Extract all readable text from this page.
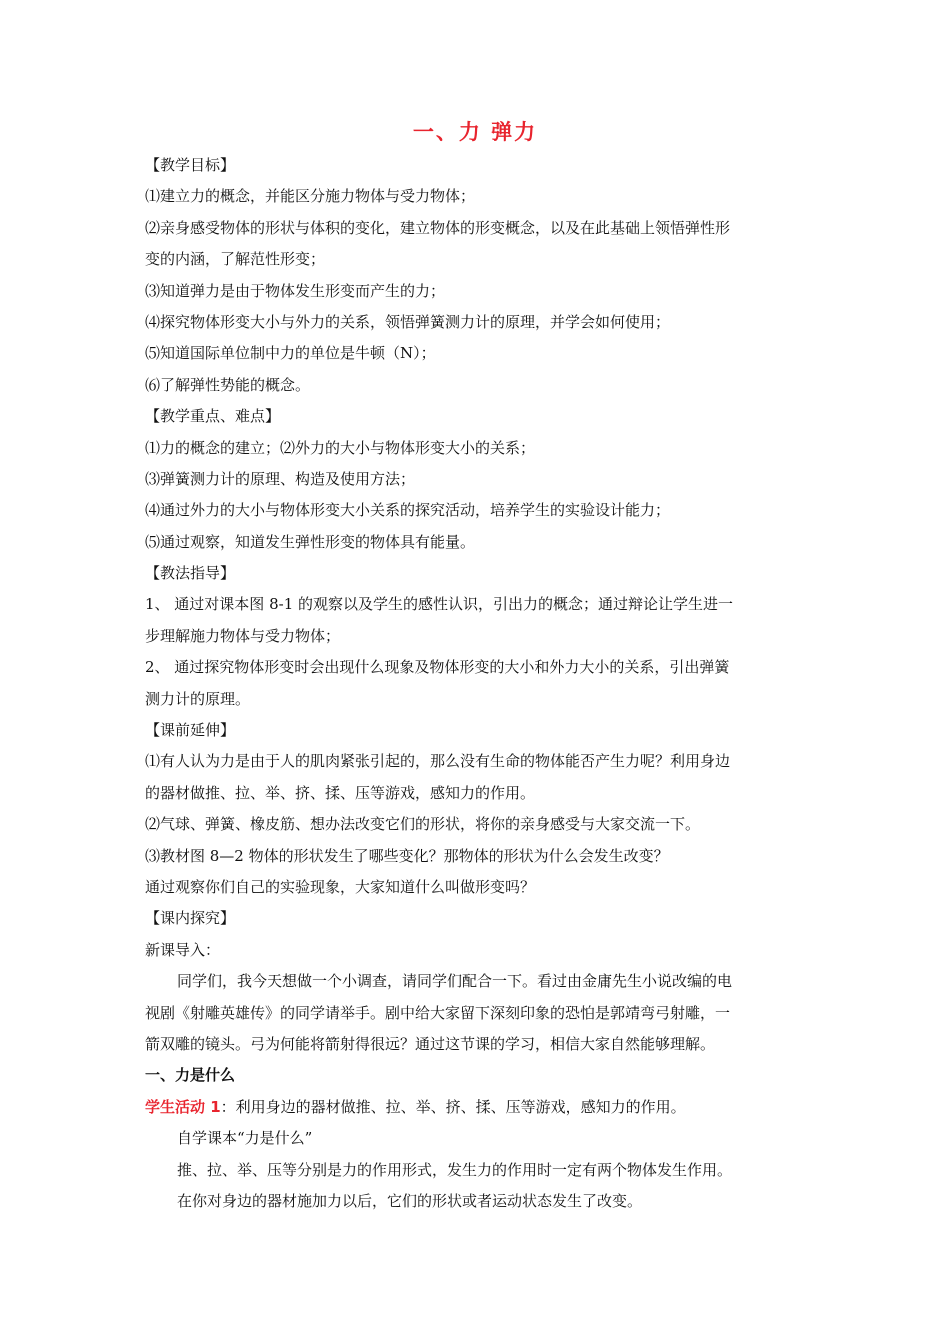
一、力 弹力
【教学目标】
⑴建立力的概念，并能区分施力物体与受力物体；
⑵亲身感受物体的形状与体积的变化，建立物体的形变概念，以及在此基础上领悟弹性形
变的内涵，了解范性形变；
⑶知道弹力是由于物体发生形变而产生的力；
⑷探究物体形变大小与外力的关系，领悟弹簧测力计的原理，并学会如何使用；
⑸知道国际单位制中力的单位是牛顿（N）；
⑹了解弹性势能的概念。
【教学重点、难点】
⑴力的概念的建立；⑵外力的大小与物体形变大小的关系；
⑶弹簧测力计的原理、构造及使用方法；
⑷通过外力的大小与物体形变大小关系的探究活动，培养学生的实验设计能力；
⑸通过观察，知道发生弹性形变的物体具有能量。
【教法指导】
1、 通过对课本图 8-1 的观察以及学生的感性认识，引出力的概念；通过辩论让学生进一
步理解施力物体与受力物体；
2、 通过探究物体形变时会出现什么现象及物体形变的大小和外力大小的关系，引出弹簧
测力计的原理。
【课前延伸】
⑴有人认为力是由于人的肌肉紧张引起的，那么没有生命的物体能否产生力呢？利用身边
的器材做推、拉、举、挤、揉、压等游戏，感知力的作用。
⑵气球、弹簧、橡皮筋、想办法改变它们的形状，将你的亲身感受与大家交流一下。
⑶教材图 8—2 物体的形状发生了哪些变化？那物体的形状为什么会发生改变？
通过观察你们自己的实验现象，大家知道什么叫做形变吗？
【课内探究】
新课导入：
同学们，我今天想做一个小调查，请同学们配合一下。看过由金庸先生小说改编的电
视剧《射雕英雄传》的同学请举手。剧中给大家留下深刻印象的恐怕是郭靖弯弓射雕，一
箭双雕的镜头。弓为何能将箭射得很远？通过这节课的学习，相信大家自然能够理解。
一、力是什么
学生活动 1：利用身边的器材做推、拉、举、挤、揉、压等游戏，感知力的作用。
自学课本“力是什么”
推、拉、举、压等分别是力的作用形式，发生力的作用时一定有两个物体发生作用。
在你对身边的器材施加力以后，它们的形状或者运动状态发生了改变。
